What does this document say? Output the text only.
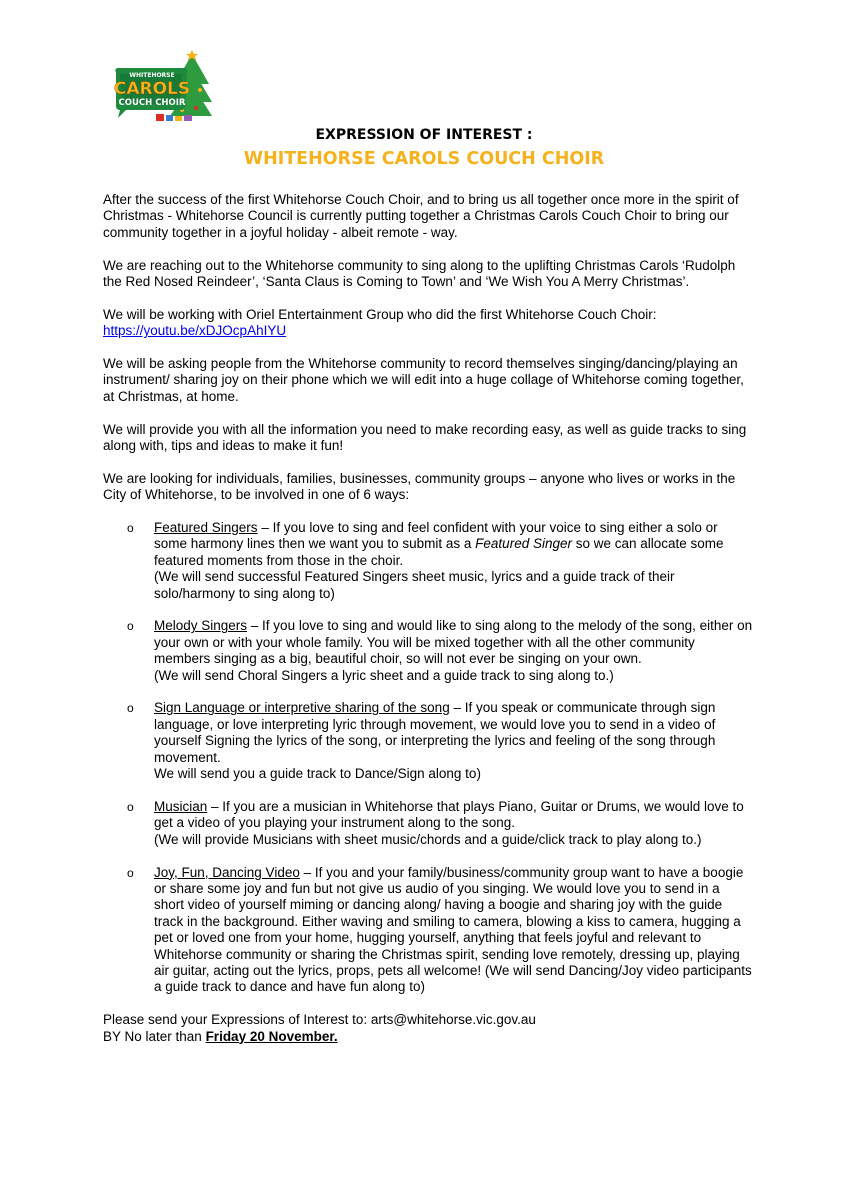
WHITEHORSE
CAROLS
COUCH CHOIR
EXPRESSION OF INTEREST :
WHITEHORSE CAROLS COUCH CHOIR

After the success of the first Whitehorse Couch Choir, and to bring us all together once more in the spirit of Christmas - Whitehorse Council is currently putting together a Christmas Carols Couch Choir to bring our community together in a joyful holiday - albeit remote - way.

We are reaching out to the Whitehorse community to sing along to the uplifting Christmas Carols ‘Rudolph the Red Nosed Reindeer’, ‘Santa Claus is Coming to Town’ and ‘We Wish You A Merry Christmas’.

We will be working with Oriel Entertainment Group who did the first Whitehorse Couch Choir:
https://youtu.be/xDJOcpAhIYU

We will be asking people from the Whitehorse community to record themselves singing/dancing/playing an instrument/ sharing joy on their phone which we will edit into a huge collage of Whitehorse coming together, at Christmas, at home.

We will provide you with all the information you need to make recording easy, as well as guide tracks to sing along with, tips and ideas to make it fun!

We are looking for individuals, families, businesses, community groups – anyone who lives or works in the City of Whitehorse, to be involved in one of 6 ways:

o Featured Singers – If you love to sing and feel confident with your voice to sing either a solo or some harmony lines then we want you to submit as a Featured Singer so we can allocate some featured moments from those in the choir.
(We will send successful Featured Singers sheet music, lyrics and a guide track of their solo/harmony to sing along to)
o Melody Singers – If you love to sing and would like to sing along to the melody of the song, either on your own or with your whole family. You will be mixed together with all the other community members singing as a big, beautiful choir, so will not ever be singing on your own.
(We will send Choral Singers a lyric sheet and a guide track to sing along to.)
o Sign Language or interpretive sharing of the song – If you speak or communicate through sign language, or love interpreting lyric through movement, we would love you to send in a video of yourself Signing the lyrics of the song, or interpreting the lyrics and feeling of the song through movement.
We will send you a guide track to Dance/Sign along to)
o Musician – If you are a musician in Whitehorse that plays Piano, Guitar or Drums, we would love to get a video of you playing your instrument along to the song.
(We will provide Musicians with sheet music/chords and a guide/click track to play along to.)
o Joy, Fun, Dancing Video – If you and your family/business/community group want to have a boogie or share some joy and fun but not give us audio of you singing. We would love you to send in a short video of yourself miming or dancing along/ having a boogie and sharing joy with the guide track in the background. Either waving and smiling to camera, blowing a kiss to camera, hugging a pet or loved one from your home, hugging yourself, anything that feels joyful and relevant to Whitehorse community or sharing the Christmas spirit, sending love remotely, dressing up, playing air guitar, acting out the lyrics, props, pets all welcome! (We will send Dancing/Joy video participants a guide track to dance and have fun along to)

Please send your Expressions of Interest to: arts@whitehorse.vic.gov.au
BY No later than Friday 20 November.
